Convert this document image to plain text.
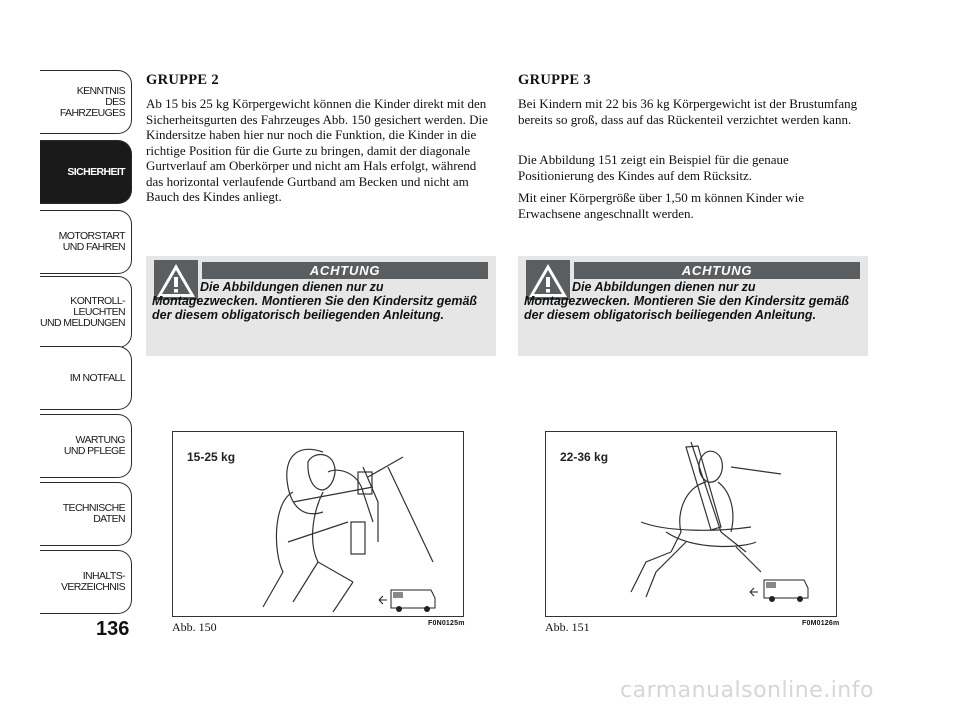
KENNTNIS
DES FAHRZEUGES
SICHERHEIT
MOTORSTART
UND FAHREN
KONTROLL-
LEUCHTEN
UND MELDUNGEN
IM NOTFALL
WARTUNG
UND PFLEGE
TECHNISCHE
DATEN
INHALTS-
VERZEICHNIS
136
GRUPPE 2

Ab 15 bis 25 kg Körpergewicht können die Kinder direkt mit den Sicherheitsgurten des Fahrzeuges Abb. 150 gesichert werden. Die Kindersitze haben hier nur noch die Funktion, die Kinder in die richtige Position für die Gurte zu bringen, damit der diagonale Gurtverlauf am Oberkörper und nicht am Hals erfolgt, während das horizontal verlaufende Gurtband am Becken und nicht am Bauch des Kindes anliegt.

ACHTUNG
Die Abbildungen dienen nur zu Montagezwecken. Montieren Sie den Kindersitz gemäß der diesem obligatorisch beiliegenden Anleitung.
15-25 kg
Abb. 150	F0N0125m
GRUPPE 3

Bei Kindern mit 22 bis 36 kg Körpergewicht ist der Brustumfang bereits so groß, dass auf das Rückenteil verzichtet werden kann.

Die Abbildung 151 zeigt ein Beispiel für die genaue Positionierung des Kindes auf dem Rücksitz.

Mit einer Körpergröße über 1,50 m können Kinder wie Erwachsene angeschnallt werden.

ACHTUNG
Die Abbildungen dienen nur zu Montagezwecken. Montieren Sie den Kindersitz gemäß der diesem obligatorisch beiliegenden Anleitung.
22-36 kg
Abb. 151	F0M0126m
carmanualsonline.info
